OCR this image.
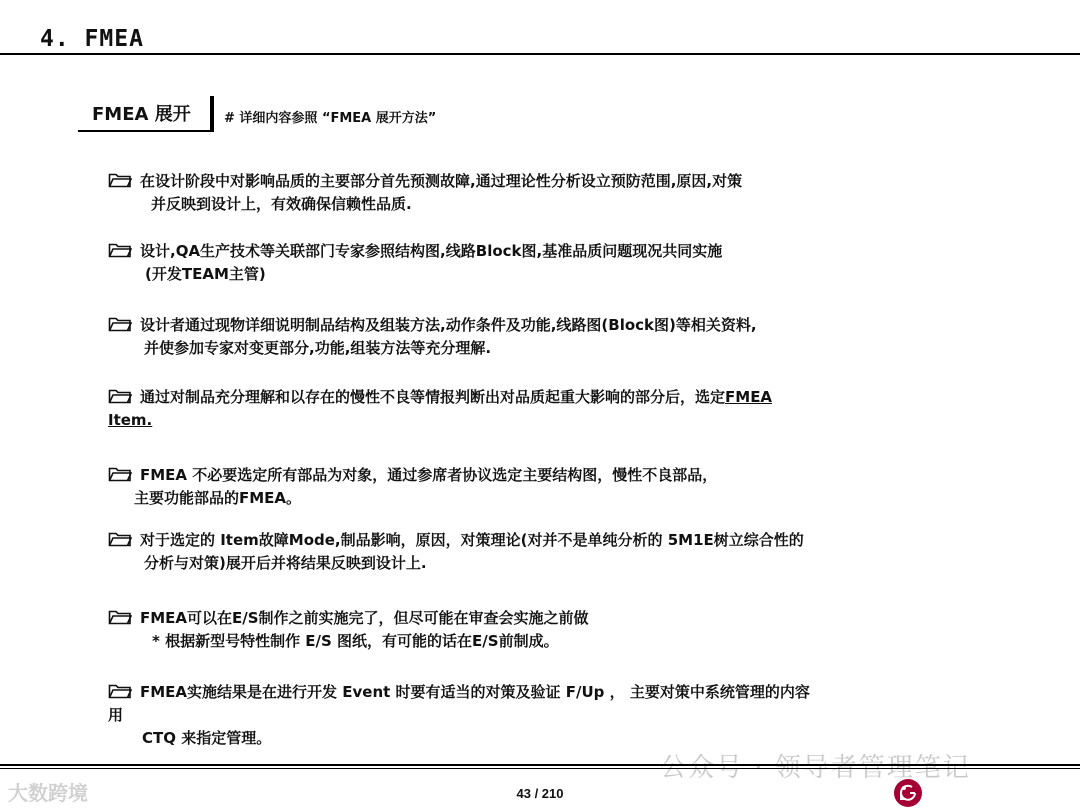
4. FMEA
FMEA 展开	# 详细内容参照 “FMEA 展开方法”
在设计阶段中对影响品质的主要部分首先预测故障,通过理论性分析设立预防范围,原因,对策
并反映到设计上，有效确保信赖性品质.
设计,QA生产技术等关联部门专家参照结构图,线路Block图,基准品质问题现况共同实施
(开发TEAM主管)
设计者通过现物详细说明制品结构及组装方法,动作条件及功能,线路图(Block图)等相关资料,
并使参加专家对变更部分,功能,组装方法等充分理解.
通过对制品充分理解和以存在的慢性不良等情报判断出对品质起重大影响的部分后，选定FMEA
Item.
FMEA 不必要选定所有部品为对象，通过参席者协议选定主要结构图，慢性不良部品，
主要功能部品的FMEA。
对于选定的 Item故障Mode,制品影响，原因，对策理论(对并不是单纯分析的 5M1E树立综合性的
分析与对策)展开后并将结果反映到设计上.
FMEA可以在E/S制作之前实施完了，但尽可能在审查会实施之前做
* 根据新型号特性制作 E/S 图纸，有可能的话在E/S前制成。
FMEA实施结果是在进行开发 Event 时要有适当的对策及验证 F/Up ， 主要对策中系统管理的内容
用
CTQ 来指定管理。
大数跨境	43 / 210
